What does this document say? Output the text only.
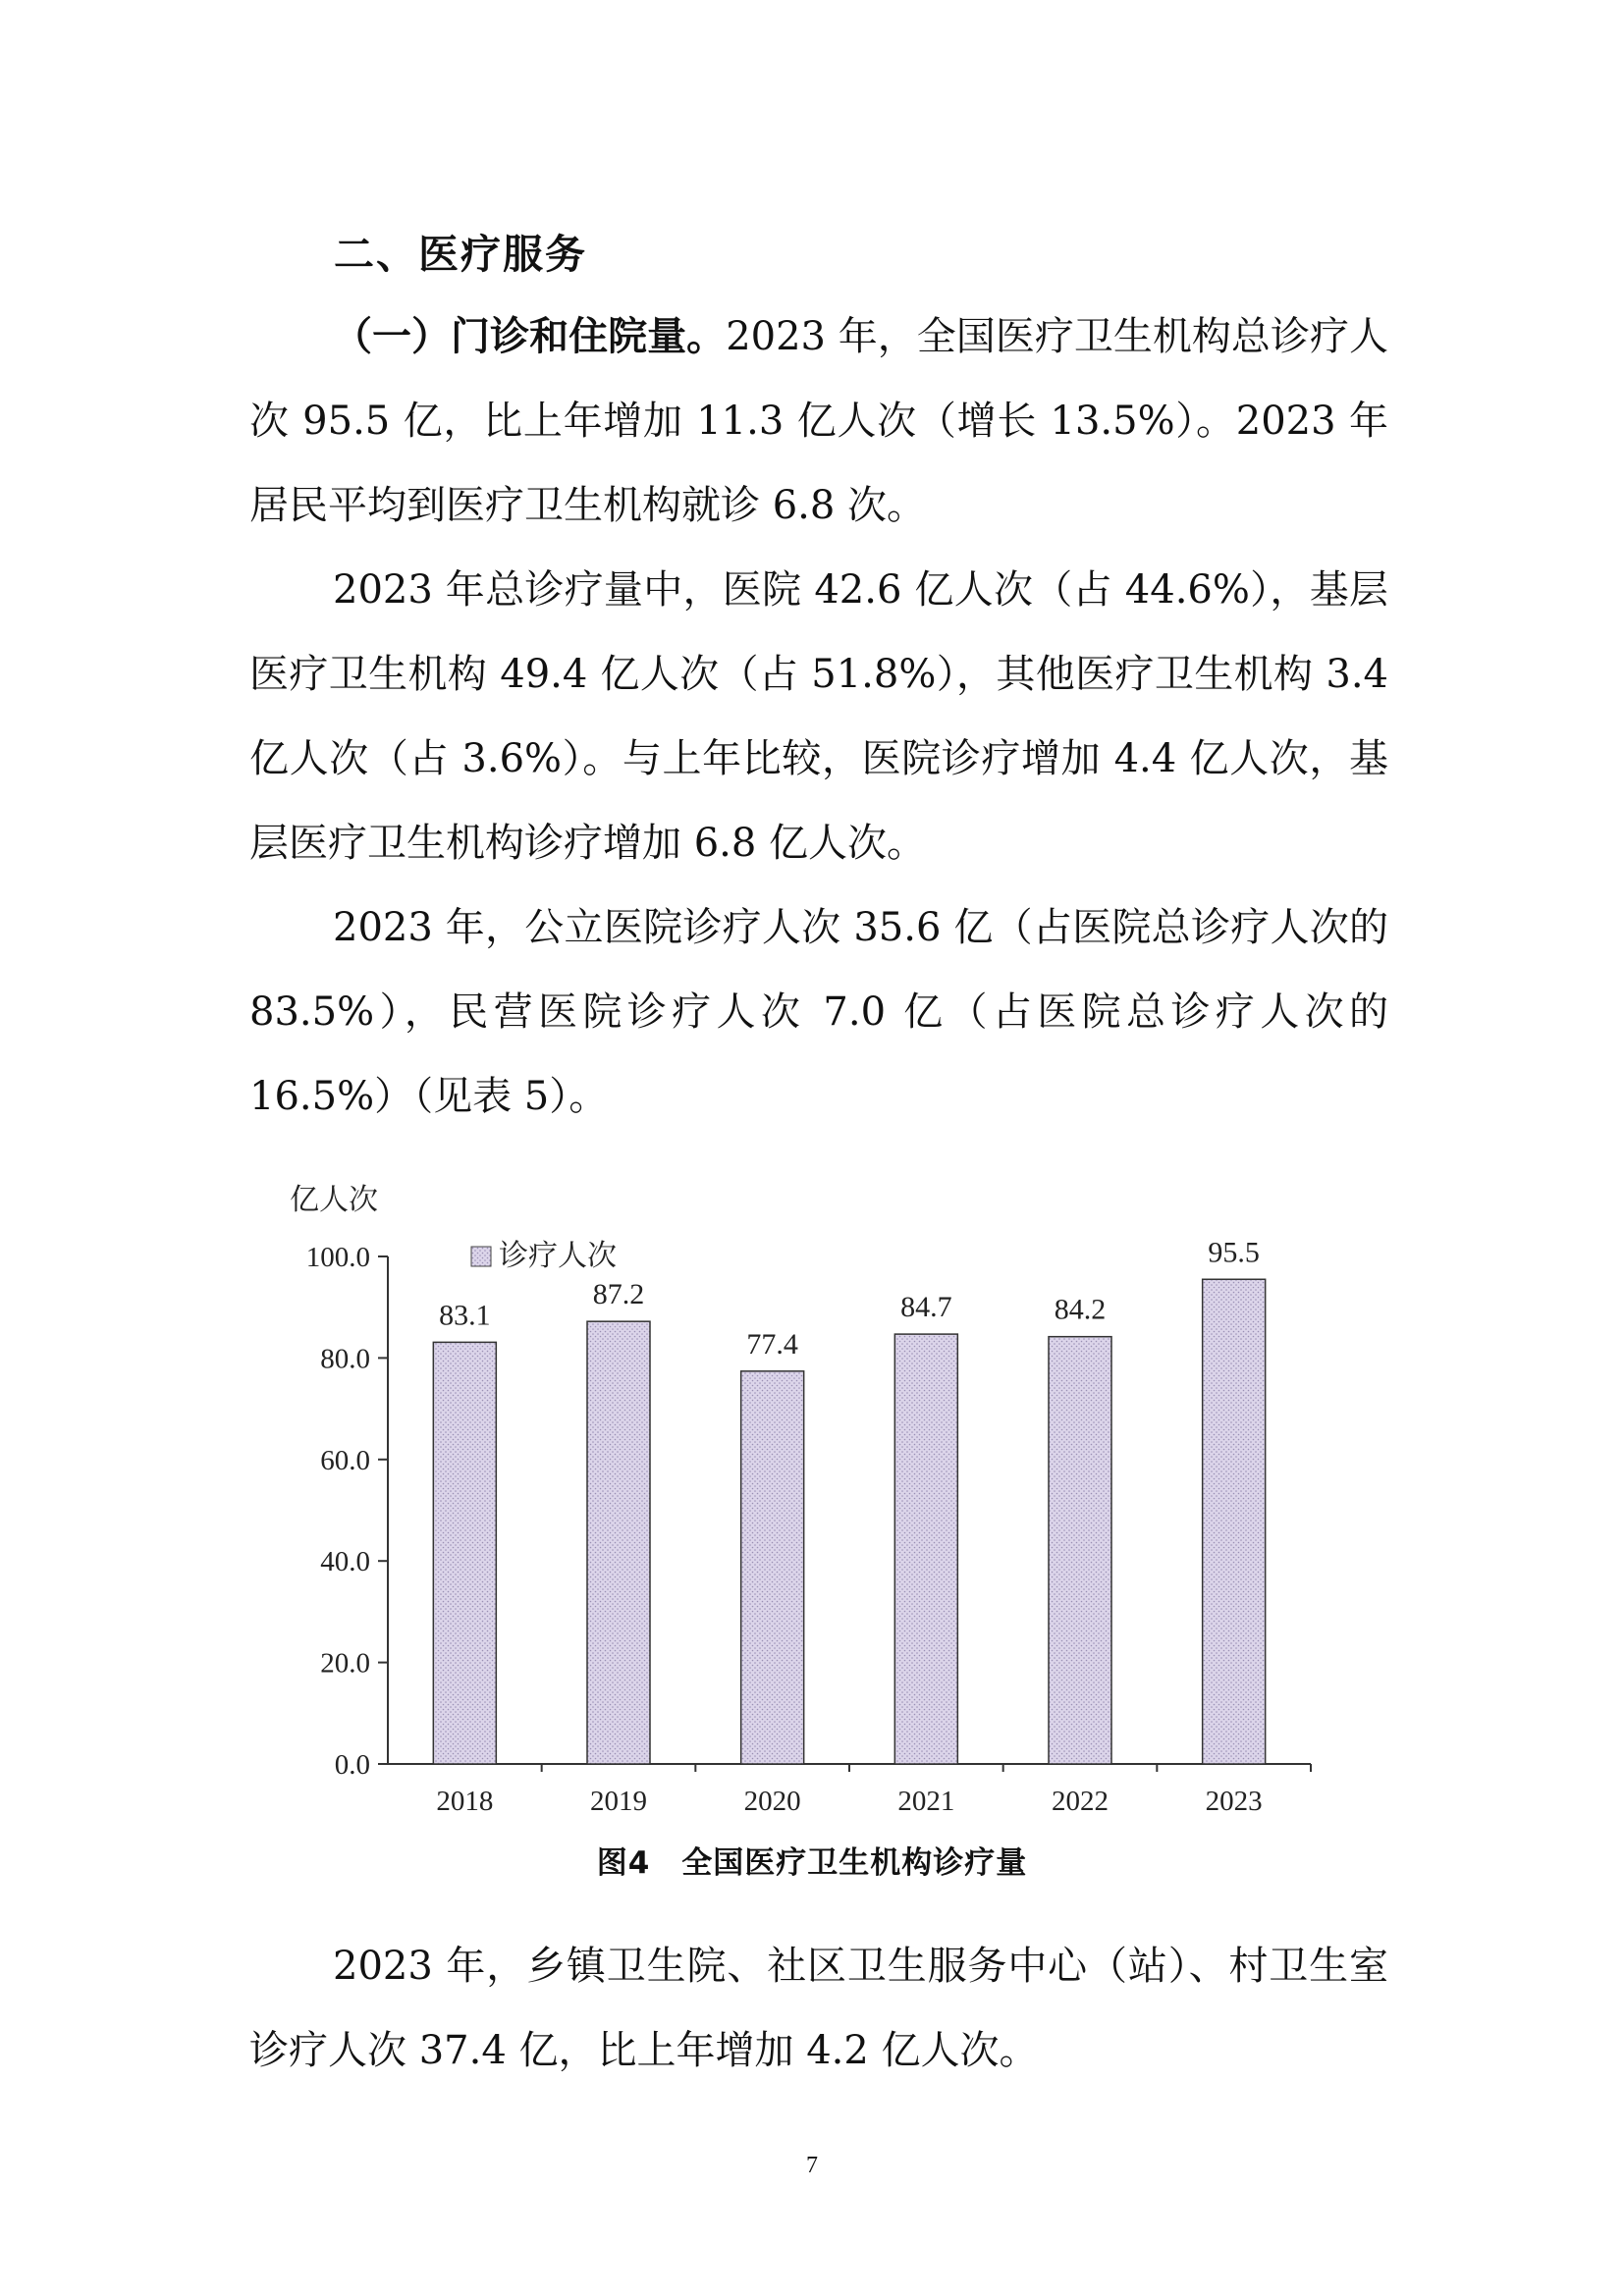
二、医疗服务

（一）门诊和住院量。2023 年，全国医疗卫生机构总诊疗人次 95.5 亿，比上年增加 11.3 亿人次（增长 13.5%）。2023 年居民平均到医疗卫生机构就诊 6.8 次。

2023 年总诊疗量中，医院 42.6 亿人次（占 44.6%），基层医疗卫生机构 49.4 亿人次（占 51.8%），其他医疗卫生机构 3.4 亿人次（占 3.6%）。与上年比较，医院诊疗增加 4.4 亿人次，基层医疗卫生机构诊疗增加 6.8 亿人次。

2023 年，公立医院诊疗人次 35.6 亿（占医院总诊疗人次的 83.5%），民营医院诊疗人次 7.0 亿（占医院总诊疗人次的 16.5%）（见表 5）。

亿人次
诊疗人次
0.0
20.0
40.0
60.0
80.0
100.0
2018	2019	2020	2021	2022	2023
83.1
87.2
77.4
84.7	84.2
95.5
图4　全国医疗卫生机构诊疗量

2023 年，乡镇卫生院、社区卫生服务中心（站）、村卫生室诊疗人次 37.4 亿，比上年增加 4.2 亿人次。

7
